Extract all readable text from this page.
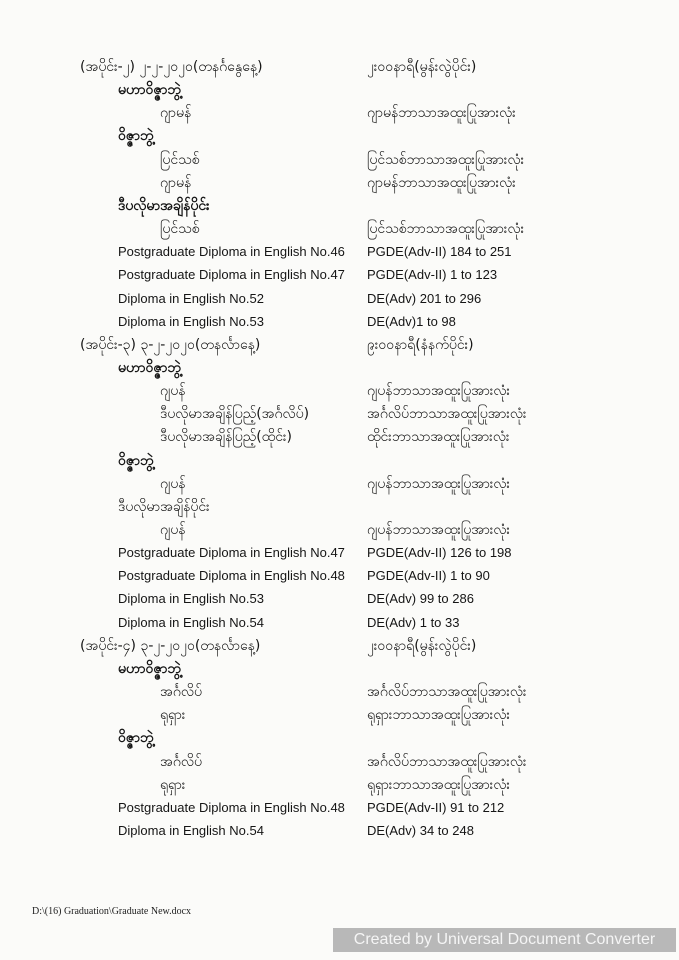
(အပိုင်း-၂) ၂-၂-၂၀၂၀(တနင်္ဂနွေနေ့)	၂း၀၀နာရီ(မွန်းလွဲပိုင်း)
မဟာဝိဇ္ဇာဘွဲ့
ဂျာမန်	ဂျာမန်ဘာသာအထူးပြုအားလုံး
ဝိဇ္ဇာဘွဲ့
ပြင်သစ်	ပြင်သစ်ဘာသာအထူးပြုအားလုံး
ဂျာမန်	ဂျာမန်ဘာသာအထူးပြုအားလုံး
ဒီပလိုမာအချိန်ပိုင်း
ပြင်သစ်	ပြင်သစ်ဘာသာအထူးပြုအားလုံး
Postgraduate Diploma in English No.46 PGDE(Adv-II) 184 to 251
Postgraduate Diploma in English No.47 PGDE(Adv-II) 1 to 123
Diploma in English No.52	DE(Adv) 201 to 296
Diploma in English No.53	DE(Adv)1 to 98
(အပိုင်း-၃) ၃-၂-၂၀၂၀(တနင်္လာနေ့)	၉း၀၀နာရီ(နံနက်ပိုင်း)
မဟာဝိဇ္ဇာဘွဲ့
ဂျပန်	ဂျပန်ဘာသာအထူးပြုအားလုံး
ဒီပလိုမာအချိန်ပြည့်(အင်္ဂလိပ်)	အင်္ဂလိပ်ဘာသာအထူးပြုအားလုံး
ဒီပလိုမာအချိန်ပြည့်(ထိုင်း)	ထိုင်းဘာသာအထူးပြုအားလုံး
ဝိဇ္ဇာဘွဲ့
ဂျပန်	ဂျပန်ဘာသာအထူးပြုအားလုံး
ဒီပလိုမာအချိန်ပိုင်း
ဂျပန်	ဂျပန်ဘာသာအထူးပြုအားလုံး
Postgraduate Diploma in English No.47 PGDE(Adv-II) 126 to 198
Postgraduate Diploma in English No.48 PGDE(Adv-II) 1 to 90
Diploma in English No.53	DE(Adv) 99 to 286
Diploma in English No.54	DE(Adv) 1 to 33
(အပိုင်း-၄) ၃-၂-၂၀၂၀(တနင်္လာနေ့)	၂း၀၀နာရီ(မွန်းလွဲပိုင်း)
မဟာဝိဇ္ဇာဘွဲ့
အင်္ဂလိပ်	အင်္ဂလိပ်ဘာသာအထူးပြုအားလုံး
ရုရှား	ရုရှားဘာသာအထူးပြုအားလုံး
ဝိဇ္ဇာဘွဲ့
အင်္ဂလိပ်	အင်္ဂလိပ်ဘာသာအထူးပြုအားလုံး
ရုရှား	ရုရှားဘာသာအထူးပြုအားလုံး
Postgraduate Diploma in English No.48 PGDE(Adv-II) 91 to 212
Diploma in English No.54	DE(Adv) 34 to 248
D:\(16) Graduation\Graduate New.docx
Created by Universal Document Converter
